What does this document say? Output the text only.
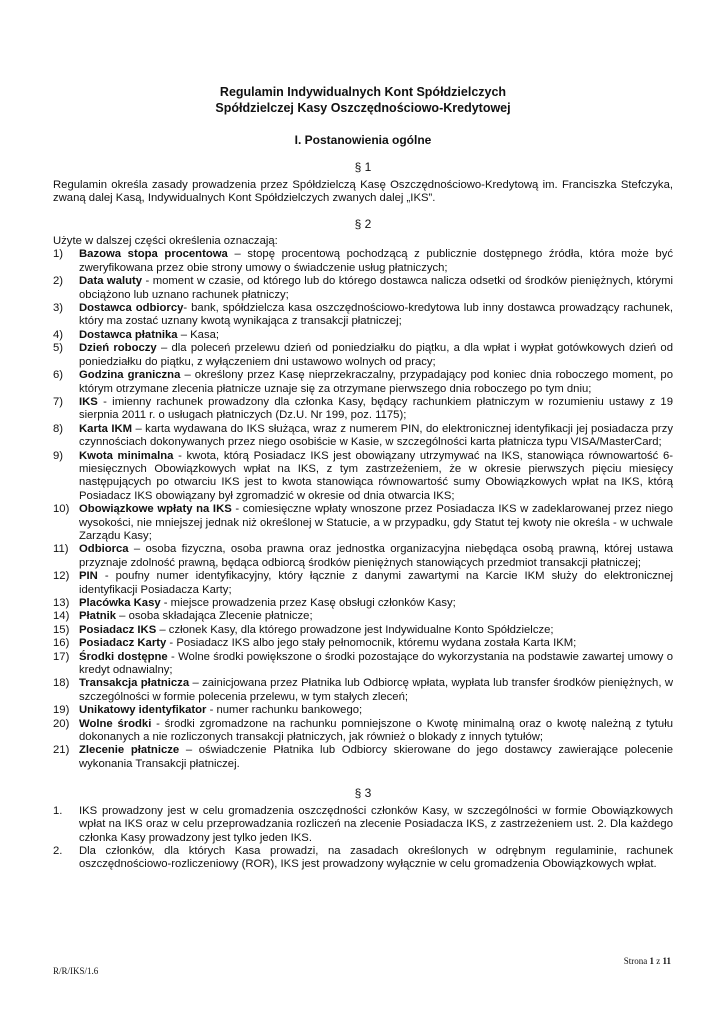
Regulamin Indywidualnych Kont Spółdzielczych
Spółdzielczej Kasy Oszczędnościowo-Kredytowej
I. Postanowienia ogólne
§ 1

Regulamin określa zasady prowadzenia przez Spółdzielczą Kasę Oszczędnościowo-Kredytową im. Franciszka Stefczyka, zwaną dalej Kasą, Indywidualnych Kont Spółdzielczych zwanych dalej „IKS”.

§ 2

Użyte w dalszej części określenia oznaczają:

1) Bazowa stopa procentowa – stopę procentową pochodzącą z publicznie dostępnego źródła, która może być zweryfikowana przez obie strony umowy o świadczenie usług płatniczych;
2) Data waluty - moment w czasie, od którego lub do którego dostawca nalicza odsetki od środków pieniężnych, którymi obciążono lub uznano rachunek płatniczy;
3) Dostawca odbiorcy- bank, spółdzielcza kasa oszczędnościowo-kredytowa lub inny dostawca prowadzący rachunek, który ma zostać uznany kwotą wynikająca z transakcji płatniczej;
4) Dostawca płatnika – Kasa;
5) Dzień roboczy – dla poleceń przelewu dzień od poniedziałku do piątku, a dla wpłat i wypłat gotówkowych dzień od poniedziałku do piątku, z wyłączeniem dni ustawowo wolnych od pracy;
6) Godzina graniczna – określony przez Kasę nieprzekraczalny, przypadający pod koniec dnia roboczego moment, po którym otrzymane zlecenia płatnicze uznaje się za otrzymane pierwszego dnia roboczego po tym dniu;
7) IKS - imienny rachunek prowadzony dla członka Kasy, będący rachunkiem płatniczym w rozumieniu ustawy z 19 sierpnia 2011 r. o usługach płatniczych (Dz.U. Nr 199, poz. 1175);
8) Karta IKM – karta wydawana do IKS służąca, wraz z numerem PIN, do elektronicznej identyfikacji jej posiadacza przy czynnościach dokonywanych przez niego osobiście w Kasie, w szczególności karta płatnicza typu VISA/MasterCard;
9) Kwota minimalna - kwota, którą Posiadacz IKS jest obowiązany utrzymywać na IKS, stanowiąca równowartość 6-miesięcznych Obowiązkowych wpłat na IKS, z tym zastrzeżeniem, że w okresie pierwszych pięciu miesięcy następujących po otwarciu IKS jest to kwota stanowiąca równowartość sumy Obowiązkowych wpłat na IKS, którą Posiadacz IKS obowiązany był zgromadzić w okresie od dnia otwarcia IKS;
10) Obowiązkowe wpłaty na IKS - comiesięczne wpłaty wnoszone przez Posiadacza IKS w zadeklarowanej przez niego wysokości, nie mniejszej jednak niż określonej w Statucie, a w przypadku, gdy Statut tej kwoty nie określa - w uchwale Zarządu Kasy;
11) Odbiorca – osoba fizyczna, osoba prawna oraz jednostka organizacyjna niebędąca osobą prawną, której ustawa przyznaje zdolność prawną, będąca odbiorcą środków pieniężnych stanowiących przedmiot transakcji płatniczej;
12) PIN - poufny numer identyfikacyjny, który łącznie z danymi zawartymi na Karcie IKM służy do elektronicznej identyfikacji Posiadacza Karty;
13) Placówka Kasy - miejsce prowadzenia przez Kasę obsługi członków Kasy;
14) Płatnik – osoba składająca Zlecenie płatnicze;
15) Posiadacz IKS – członek Kasy, dla którego prowadzone jest Indywidualne Konto Spółdzielcze;
16) Posiadacz Karty - Posiadacz IKS albo jego stały pełnomocnik, któremu wydana została Karta IKM;
17) Środki dostępne - Wolne środki powiększone o środki pozostające do wykorzystania na podstawie zawartej umowy o kredyt odnawialny;
18) Transakcja płatnicza – zainicjowana przez Płatnika lub Odbiorcę wpłata, wypłata lub transfer środków pieniężnych, w szczególności w formie polecenia przelewu, w tym stałych zleceń;
19) Unikatowy identyfikator - numer rachunku bankowego;
20) Wolne środki - środki zgromadzone na rachunku pomniejszone o Kwotę minimalną oraz o kwotę należną z tytułu dokonanych a nie rozliczonych transakcji płatniczych, jak również o blokady z innych tytułów;
21) Zlecenie płatnicze – oświadczenie Płatnika lub Odbiorcy skierowane do jego dostawcy zawierające polecenie wykonania Transakcji płatniczej.
§ 3
1. IKS prowadzony jest w celu gromadzenia oszczędności członków Kasy, w szczególności w formie Obowiązkowych wpłat na IKS oraz w celu przeprowadzania rozliczeń na zlecenie Posiadacza IKS, z zastrzeżeniem ust. 2. Dla każdego członka Kasy prowadzony jest tylko jeden IKS.
2. Dla członków, dla których Kasa prowadzi, na zasadach określonych w odrębnym regulaminie, rachunek oszczędnościowo-rozliczeniowy (ROR), IKS jest prowadzony wyłącznie w celu gromadzenia Obowiązkowych wpłat.
Strona 1 z 11
R/R/IKS/1.6
